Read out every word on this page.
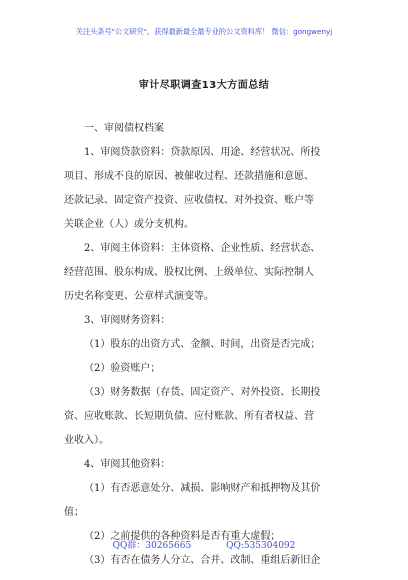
关注头条号"公文研究"，获得最新最全最专业的公文资料库！ 微信：gongwenyj
审计尽职调查13大方面总结
一、审阅债权档案
1、审阅贷款资料：贷款原因、用途、经营状况、所投
项目、形成不良的原因、被催收过程、还款措施和意愿、
还款记录、固定资产投资、应收债权、对外投资、账户等
关联企业（人）或分支机构。
2、审阅主体资料：主体资格、企业性质、经营状态、
经营范围、股东构成、股权比例、上级单位、实际控制人
历史名称变更、公章样式演变等。
3、审阅财务资料：
（1）股东的出资方式、金额、时间，出资是否完成；
（2）验资账户；
（3）财务数据（存货、固定资产、对外投资、长期投
资、应收账款、长短期负债、应付账款、所有者权益、营
业收入）。
4、审阅其他资料：
（1）有否恶意处分、减损、影响财产和抵押物及其价
值；
（2）之前提供的各种资料是否有重大虚假；
（3）有否在债务人分立、合并、改制、重组后新旧企
QQ群：30265665	QQ:535304092
